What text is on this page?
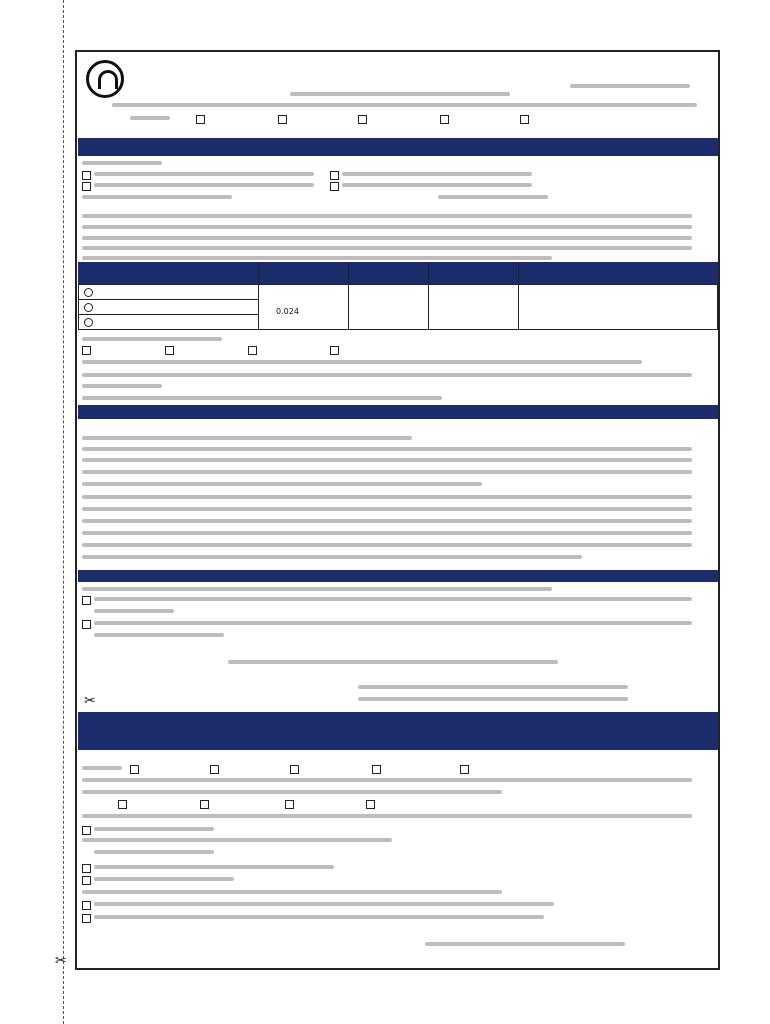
✂
✂
0.024
